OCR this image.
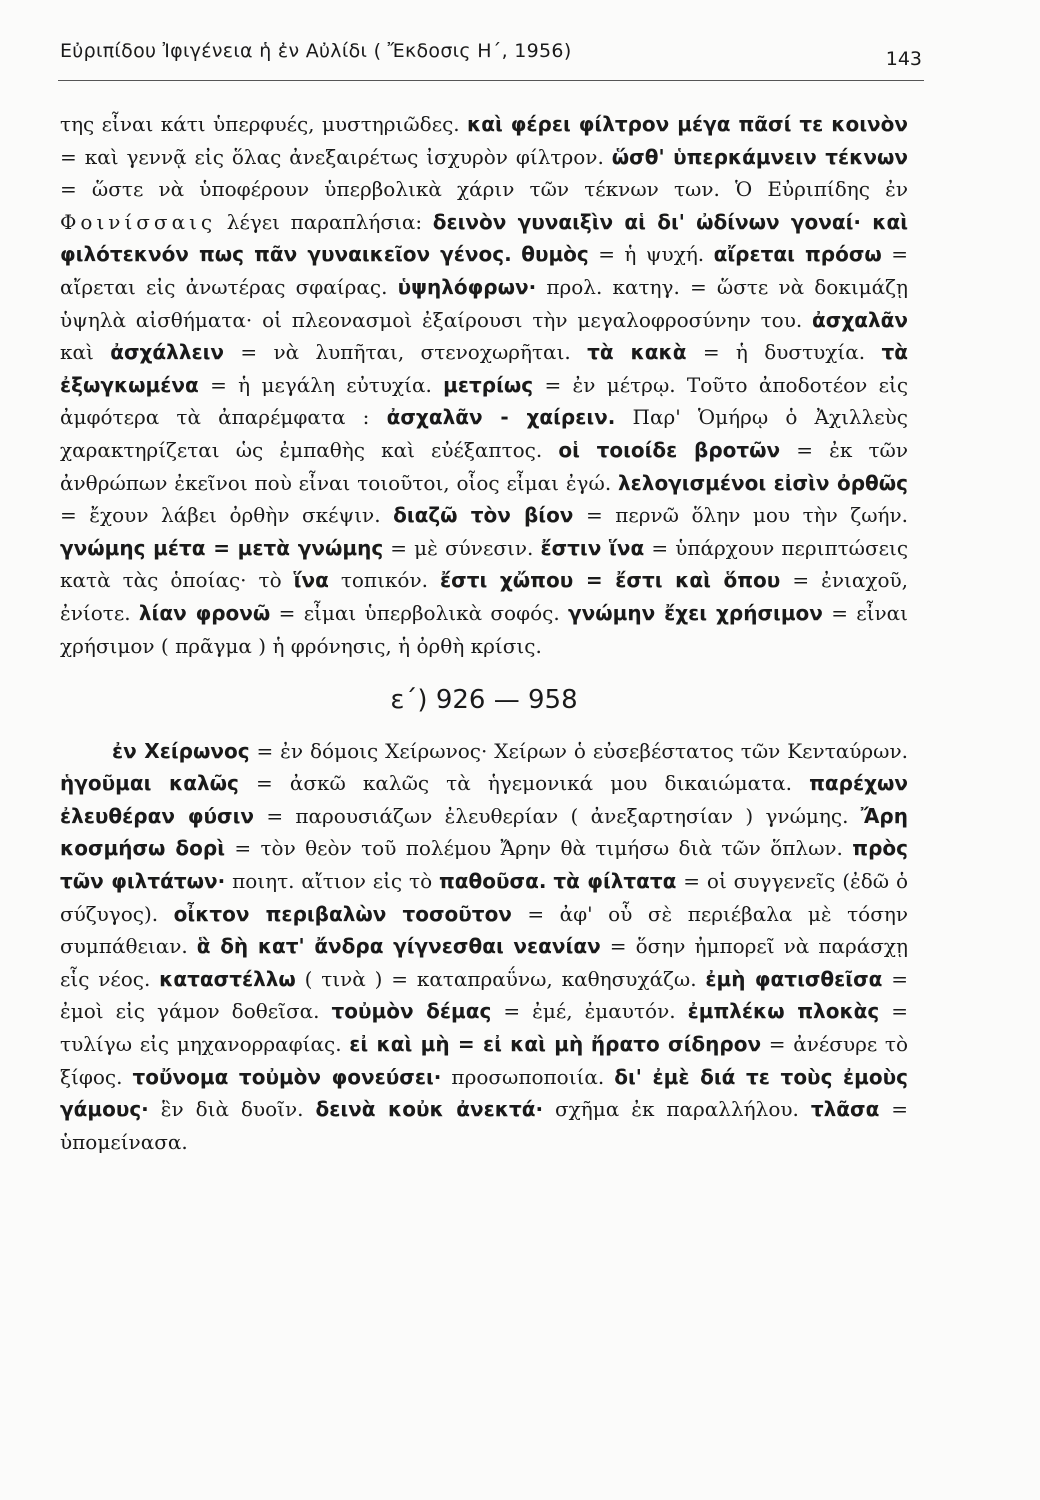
Εὐριπίδου Ἰφιγένεια ἡ ἐν Αὐλίδι ( Ἔκδοσις Η΄, 1956)	143

της εἶναι κάτι ὑπερφυές, μυστηριῶδες. καὶ φέρει φίλτρον μέγα πᾶσί τε κοινὸν = καὶ γεννᾷ εἰς ὅλας ἀνεξαιρέτως ἰσχυρὸν φίλτρον. ὥσθ' ὑπερκάμνειν τέκνων = ὥστε νὰ ὑποφέρουν ὑπερβολικὰ χάριν τῶν τέκνων των. Ὁ Εὐριπίδης ἐν Φοινίσσαις λέγει παραπλήσια: δεινὸν γυναιξὶν αἱ δι' ὠδίνων γοναί· καὶ φιλότεκνόν πως πᾶν γυναικεῖον γένος. θυμὸς = ἡ ψυχή. αἴρεται πρόσω = αἴρεται εἰς ἀνωτέρας σφαίρας. ὑψηλόφρων· προλ. κατηγ. = ὥστε νὰ δοκιμάζῃ ὑψηλὰ αἰσθήματα· οἱ πλεονασμοὶ ἐξαίρουσι τὴν μεγαλοφροσύνην του. ἀσχαλᾶν καὶ ἀσχάλλειν = νὰ λυπῆται, στενοχωρῆται. τὰ κακὰ = ἡ δυστυχία. τὰ ἐξωγκωμένα = ἡ μεγάλη εὐτυχία. μετρίως = ἐν μέτρῳ. Τοῦτο ἀποδοτέον εἰς ἀμφότερα τὰ ἀπαρέμφατα : ἀσχαλᾶν - χαίρειν. Παρ' Ὁμήρῳ ὁ Ἀχιλλεὺς χαρακτηρίζεται ὡς ἐμπαθὴς καὶ εὐέξαπτος. οἱ τοιοίδε βροτῶν = ἐκ τῶν ἀνθρώπων ἐκεῖνοι ποὺ εἶναι τοιοῦτοι, οἷος εἶμαι ἐγώ. λελογισμένοι εἰσὶν ὀρθῶς = ἔχουν λάβει ὀρθὴν σκέψιν. διαζῶ τὸν βίον = περνῶ ὅλην μου τὴν ζωήν. γνώμης μέτα = μετὰ γνώμης = μὲ σύνεσιν. ἔστιν ἵνα = ὑπάρχουν περιπτώσεις κατὰ τὰς ὁποίας· τὸ ἵνα τοπικόν. ἔστι χὤπου = ἔστι καὶ ὅπου = ἐνιαχοῦ, ἐνίοτε. λίαν φρονῶ = εἶμαι ὑπερβολικὰ σοφός. γνώμην ἔχει χρήσιμον = εἶναι χρήσιμον ( πρᾶγμα ) ἡ φρόνησις, ἡ ὀρθὴ κρίσις.

ε΄) 926 — 958

ἐν Χείρωνος = ἐν δόμοις Χείρωνος· Χείρων ὁ εὐσεβέστατος τῶν Κενταύρων. ἡγοῦμαι καλῶς = ἀσκῶ καλῶς τὰ ἡγεμονικά μου δικαιώματα. παρέχων ἐλευθέραν φύσιν = παρουσιάζων ἐλευθερίαν ( ἀνεξαρτησίαν ) γνώμης. Ἄρη κοσμήσω δορὶ = τὸν θεὸν τοῦ πολέμου Ἄρην θὰ τιμήσω διὰ τῶν ὅπλων. πρὸς τῶν φιλτάτων· ποιητ. αἴτιον εἰς τὸ παθοῦσα. τὰ φίλτατα = οἱ συγγενεῖς (ἐδῶ ὁ σύζυγος). οἶκτον περιβαλὼν τοσοῦτον = ἀφ' οὗ σὲ περιέβαλα μὲ τόσην συμπάθειαν. ἃ δὴ κατ' ἄνδρα γίγνεσθαι νεανίαν = ὅσην ἠμπορεῖ νὰ παράσχῃ εἷς νέος. καταστέλλω ( τινὰ ) = καταπραΰνω, καθησυχάζω. ἐμὴ φατισθεῖσα = ἐμοὶ εἰς γάμον δοθεῖσα. τοὐμὸν δέμας = ἐμέ, ἐμαυτόν. ἐμπλέκω πλοκὰς = τυλίγω εἰς μηχανορραφίας. εἰ καὶ μὴ = εἰ καὶ μὴ ἤρατο σίδηρον = ἀνέσυρε τὸ ξίφος. τοὔνομα τοὐμὸν φονεύσει· προσωποποιία. δι' ἐμὲ διά τε τοὺς ἐμοὺς γάμους· ἓν διὰ δυοῖν. δεινὰ κοὐκ ἀνεκτά· σχῆμα ἐκ παραλλήλου. τλᾶσα = ὑπομείνασα.
